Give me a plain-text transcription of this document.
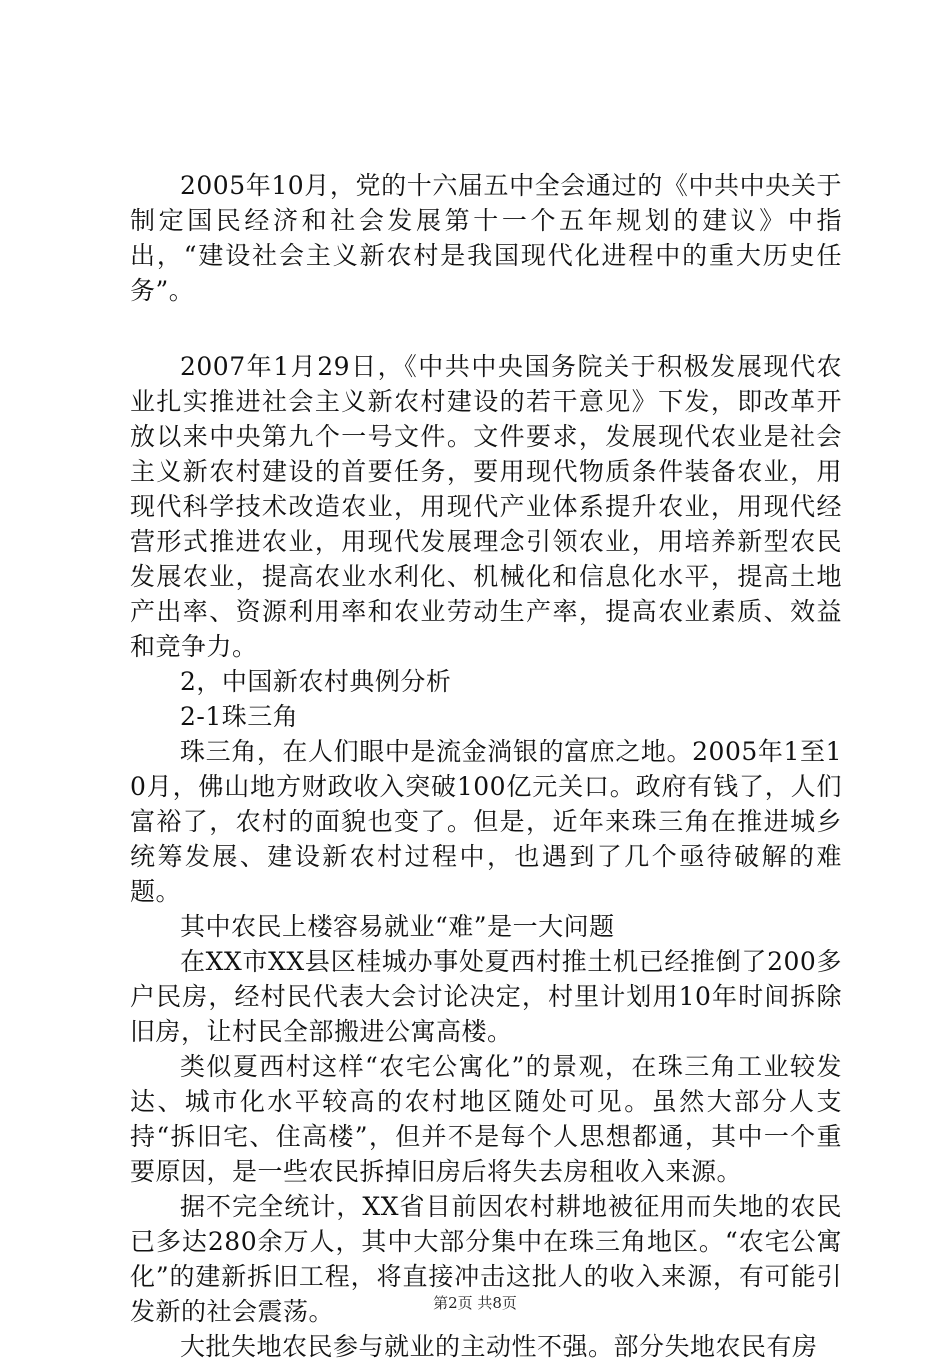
2005年10月，党的十六届五中全会通过的《中共中央关于制定国民经济和社会发展第十一个五年规划的建议》中指出，“建设社会主义新农村是我国现代化进程中的重大历史任务”。

2007年1月29日，《中共中央国务院关于积极发展现代农业扎实推进社会主义新农村建设的若干意见》下发，即改革开放以来中央第九个一号文件。文件要求，发展现代农业是社会主义新农村建设的首要任务，要用现代物质条件装备农业，用现代科学技术改造农业，用现代产业体系提升农业，用现代经营形式推进农业，用现代发展理念引领农业，用培养新型农民发展农业，提高农业水利化、机械化和信息化水平，提高土地产出率、资源利用率和农业劳动生产率，提高农业素质、效益和竞争力。

2，中国新农村典例分析

2-1珠三角

珠三角，在人们眼中是流金淌银的富庶之地。2005年1至10月，佛山地方财政收入突破100亿元关口。政府有钱了，人们富裕了，农村的面貌也变了。但是，近年来珠三角在推进城乡统筹发展、建设新农村过程中，也遇到了几个亟待破解的难题。

其中农民上楼容易就业“难”是一大问题

在XX市XX县区桂城办事处夏西村推土机已经推倒了200多户民房，经村民代表大会讨论决定，村里计划用10年时间拆除旧房，让村民全部搬进公寓高楼。

类似夏西村这样“农宅公寓化”的景观，在珠三角工业较发达、城市化水平较高的农村地区随处可见。虽然大部分人支持“拆旧宅、住高楼”，但并不是每个人思想都通，其中一个重要原因，是一些农民拆掉旧房后将失去房租收入来源。

据不完全统计，XX省目前因农村耕地被征用而失地的农民已多达280余万人，其中大部分集中在珠三角地区。“农宅公寓化”的建新拆旧工程，将直接冲击这批人的收入来源，有可能引发新的社会震荡。

大批失地农民参与就业的主动性不强。部分失地农民有房

第2页 共8页
